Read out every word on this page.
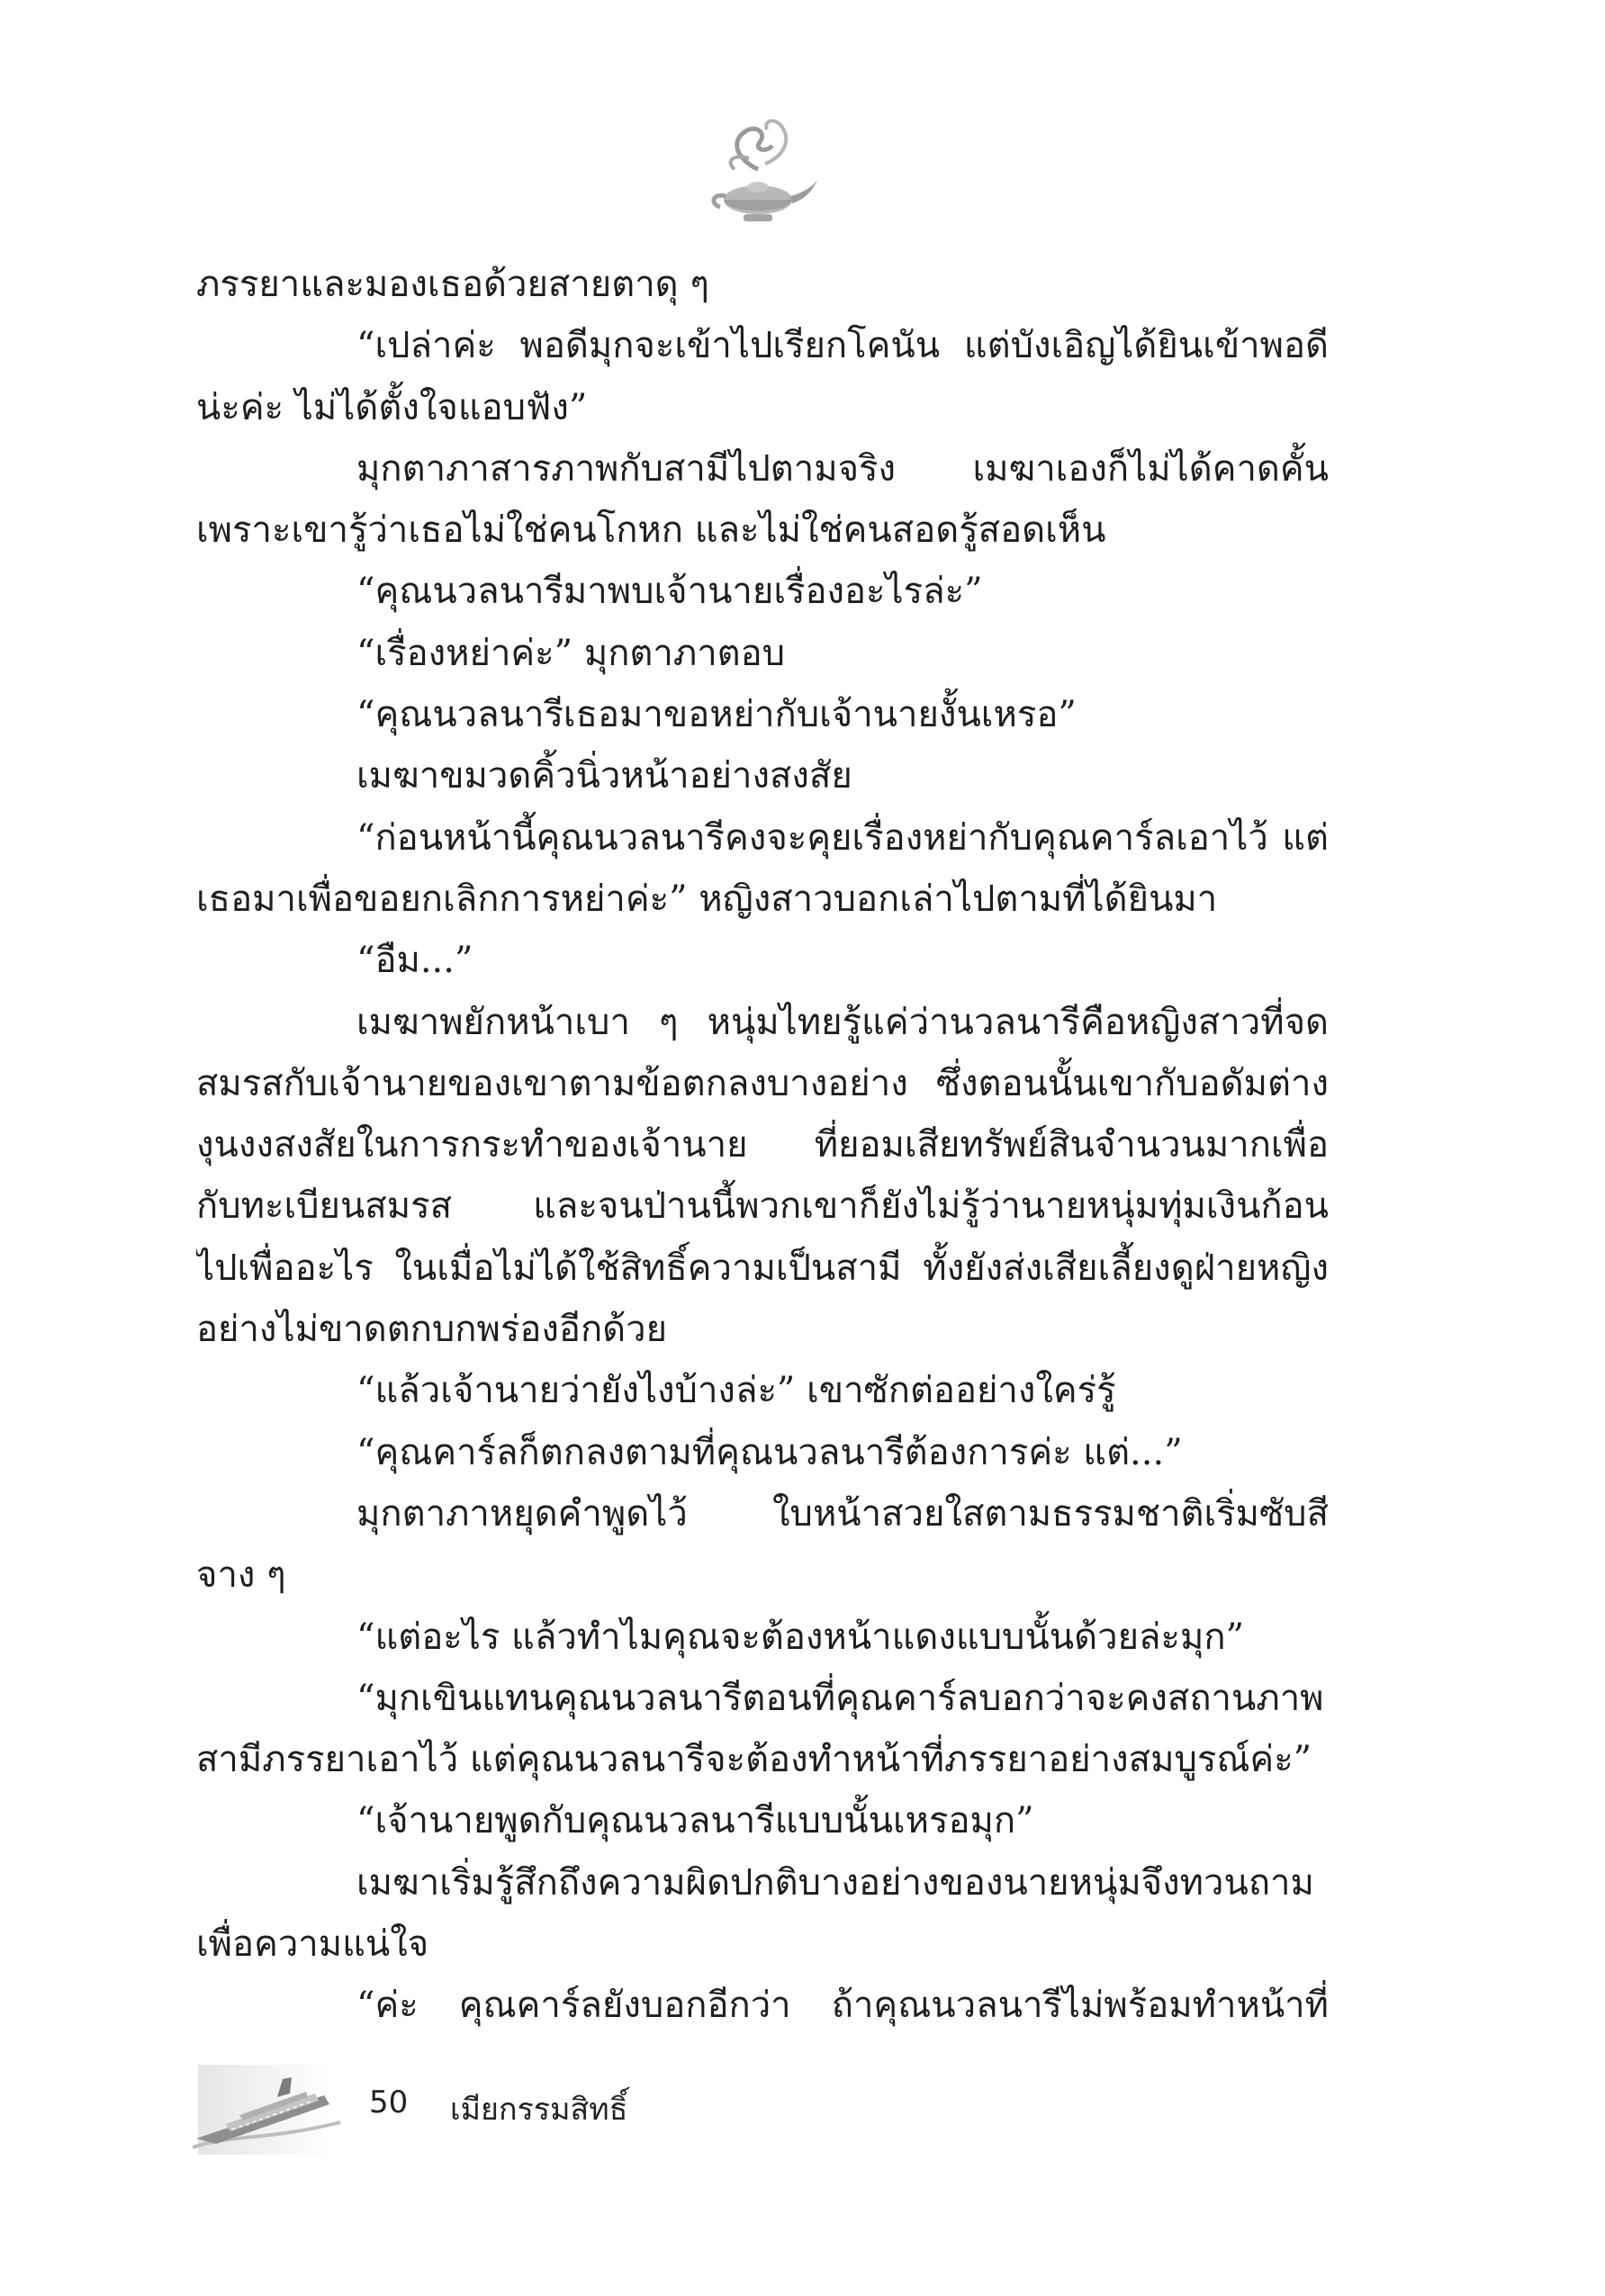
ภรรยาและมองเธอด้วยสายตาดุ ๆ
“เปล่าค่ะ พอดีมุกจะเข้าไปเรียกโคนัน แต่บังเอิญได้ยินเข้าพอดี
น่ะค่ะ ไม่ได้ตั้งใจแอบฟัง”
มุกตาภาสารภาพกับสามีไปตามจริง เมฆาเองก็ไม่ได้คาดคั้น
เพราะเขารู้ว่าเธอไม่ใช่คนโกหก และไม่ใช่คนสอดรู้สอดเห็น
“คุณนวลนารีมาพบเจ้านายเรื่องอะไรล่ะ”
“เรื่องหย่าค่ะ” มุกตาภาตอบ
“คุณนวลนารีเธอมาขอหย่ากับเจ้านายงั้นเหรอ”
เมฆาขมวดคิ้วนิ่วหน้าอย่างสงสัย
“ก่อนหน้านี้คุณนวลนารีคงจะคุยเรื่องหย่ากับคุณคาร์ลเอาไว้ แต่
เธอมาเพื่อขอยกเลิกการหย่าค่ะ” หญิงสาวบอกเล่าไปตามที่ได้ยินมา
“อืม...”
เมฆาพยักหน้าเบา ๆ หนุ่มไทยรู้แค่ว่านวลนารีคือหญิงสาวที่จด
สมรสกับเจ้านายของเขาตามข้อตกลงบางอย่าง ซึ่งตอนนั้นเขากับอดัมต่าง
งุนงงสงสัยในการกระทำของเจ้านาย ที่ยอมเสียทรัพย์สินจำนวนมากเพื่อ
กับทะเบียนสมรส และจนป่านนี้พวกเขาก็ยังไม่รู้ว่านายหนุ่มทุ่มเงินก้อน
ไปเพื่ออะไร ในเมื่อไม่ได้ใช้สิทธิ์ความเป็นสามี ทั้งยังส่งเสียเลี้ยงดูฝ่ายหญิง
อย่างไม่ขาดตกบกพร่องอีกด้วย
“แล้วเจ้านายว่ายังไงบ้างล่ะ” เขาซักต่ออย่างใคร่รู้
“คุณคาร์ลก็ตกลงตามที่คุณนวลนารีต้องการค่ะ แต่...”
มุกตาภาหยุดคำพูดไว้ ใบหน้าสวยใสตามธรรมชาติเริ่มซับสี
จาง ๆ
“แต่อะไร แล้วทำไมคุณจะต้องหน้าแดงแบบนั้นด้วยล่ะมุก”
“มุกเขินแทนคุณนวลนารีตอนที่คุณคาร์ลบอกว่าจะคงสถานภาพ
สามีภรรยาเอาไว้ แต่คุณนวลนารีจะต้องทำหน้าที่ภรรยาอย่างสมบูรณ์ค่ะ”
“เจ้านายพูดกับคุณนวลนารีแบบนั้นเหรอมุก”
เมฆาเริ่มรู้สึกถึงความผิดปกติบางอย่างของนายหนุ่มจึงทวนถาม
เพื่อความแน่ใจ
“ค่ะ คุณคาร์ลยังบอกอีกว่า ถ้าคุณนวลนารีไม่พร้อมทำหน้าที่
50 เมียกรรมสิทธิ์
